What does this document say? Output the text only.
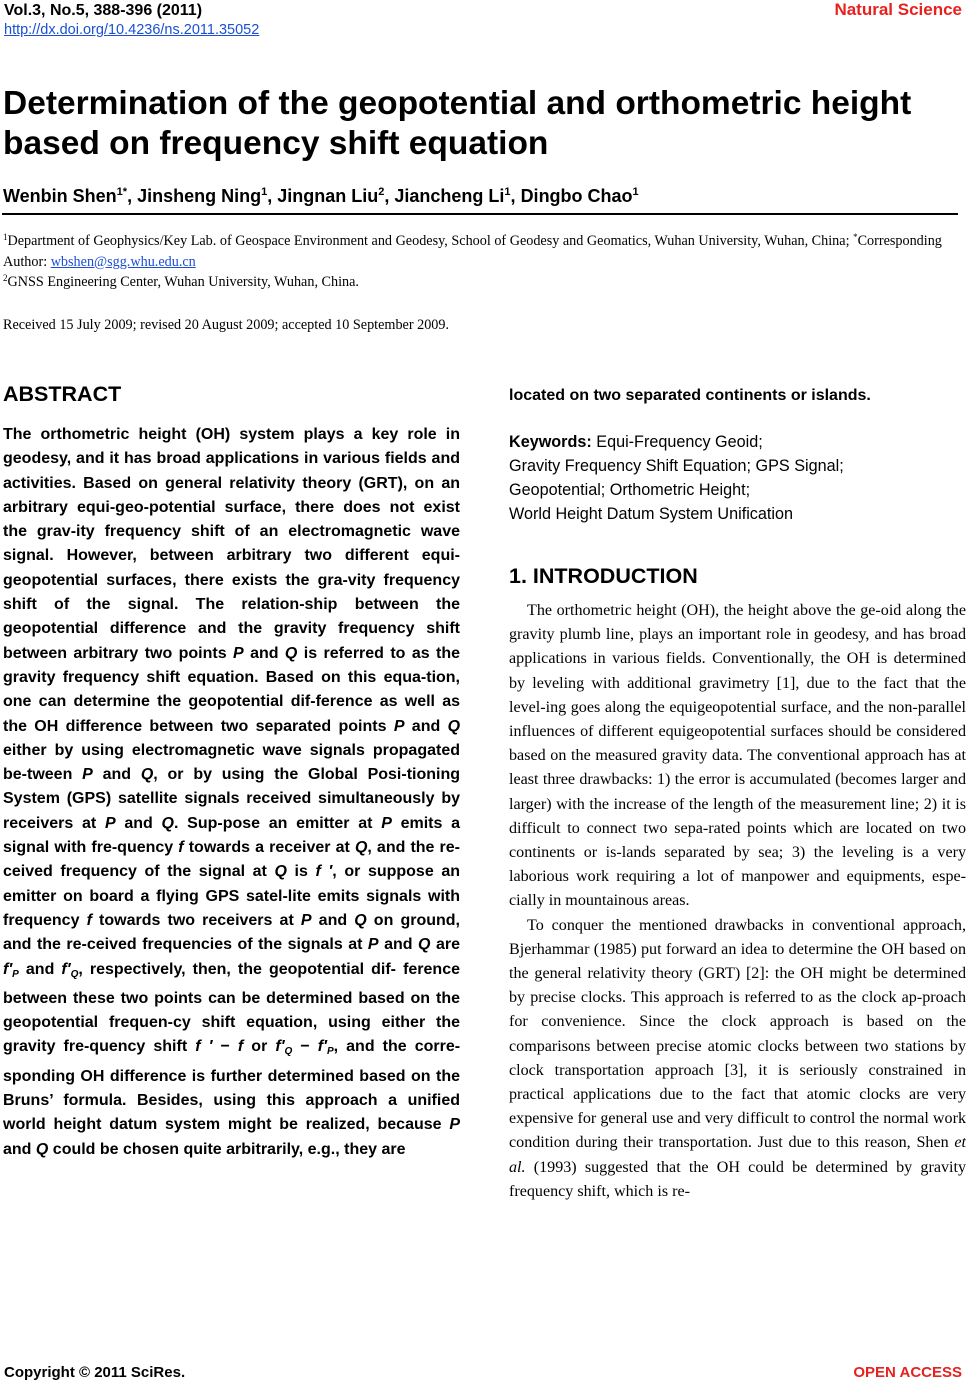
Vol.3, No.5, 388-396 (2011)
http://dx.doi.org/10.4236/ns.2011.35052
Natural Science
Determination of the geopotential and orthometric height based on frequency shift equation
Wenbin Shen$^{1*}$, Jinsheng Ning$^1$, Jingnan Liu$^2$, Jiancheng Li$^1$, Dingbo Chao$^1$
$^1$Department of Geophysics/Key Lab. of Geospace Environment and Geodesy, School of Geodesy and Geomatics, Wuhan University, Wuhan, China; *Corresponding Author: wbshen@sgg.whu.edu.cn
$^2$GNSS Engineering Center, Wuhan University, Wuhan, China.
Received 15 July 2009; revised 20 August 2009; accepted 10 September 2009.
ABSTRACT

The orthometric height (OH) system plays a key role in geodesy, and it has broad applications in various fields and activities. Based on general relativity theory (GRT), on an arbitrary equi-geo-potential surface, there does not exist the grav-ity frequency shift of an electromagnetic wave signal. However, between arbitrary two different equi-geopotential surfaces, there exists the gra-vity frequency shift of the signal. The relation-ship between the geopotential difference and the gravity frequency shift between arbitrary two points P and Q is referred to as the gravity frequency shift equation. Based on this equa-tion, one can determine the geopotential dif-ference as well as the OH difference between two separated points P and Q either by using electromagnetic wave signals propagated be-tween P and Q, or by using the Global Posi-tioning System (GPS) satellite signals received simultaneously by receivers at P and Q. Sup-pose an emitter at P emits a signal with fre-quency f towards a receiver at Q, and the re-ceived frequency of the signal at Q is f ′, or suppose an emitter on board a flying GPS satel-lite emits signals with frequency f towards two receivers at P and Q on ground, and the re-ceived frequencies of the signals at P and Q are $f'_P$ and $f'_Q$, respectively, then, the geopotential dif- ference between these two points can be determined based on the geopotential frequen-cy shift equation, using either the gravity fre-quency shift f ′ − f or $f'_Q - f'_P$, and the corre-sponding OH difference is further determined based on the Bruns’ formula. Besides, using this approach a unified world height datum system might be realized, because P and Q could be chosen quite arbitrarily, e.g., they are

located on two separated continents or islands.
Keywords: Equi-Frequency Geoid;
Gravity Frequency Shift Equation; GPS Signal;
Geopotential; Orthometric Height;
World Height Datum System Unification
1. INTRODUCTION

The orthometric height (OH), the height above the ge-oid along the gravity plumb line, plays an important role in geodesy, and has broad applications in various fields. Conventionally, the OH is determined by leveling with additional gravimetry [1], due to the fact that the level-ing goes along the equigeopotential surface, and the non-parallel influences of different equigeopotential surfaces should be considered based on the measured gravity data. The conventional approach has at least three drawbacks: 1) the error is accumulated (becomes larger and larger) with the increase of the length of the measurement line; 2) it is difficult to connect two sepa-rated points which are located on two continents or is-lands separated by sea; 3) the leveling is a very laborious work requiring a lot of manpower and equipments, espe-cially in mountainous areas.

To conquer the mentioned drawbacks in conventional approach, Bjerhammar (1985) put forward an idea to determine the OH based on the general relativity theory (GRT) [2]: the OH might be determined by precise clocks. This approach is referred to as the clock ap-proach for convenience. Since the clock approach is based on the comparisons between precise atomic clocks between two stations by clock transportation approach [3], it is seriously constrained in practical applications due to the fact that atomic clocks are very expensive for general use and very difficult to control the normal work condition during their transportation. Just due to this reason, Shen et al. (1993) suggested that the OH could be determined by gravity frequency shift, which is re-

Copyright © 2011 SciRes.	OPEN ACCESS
